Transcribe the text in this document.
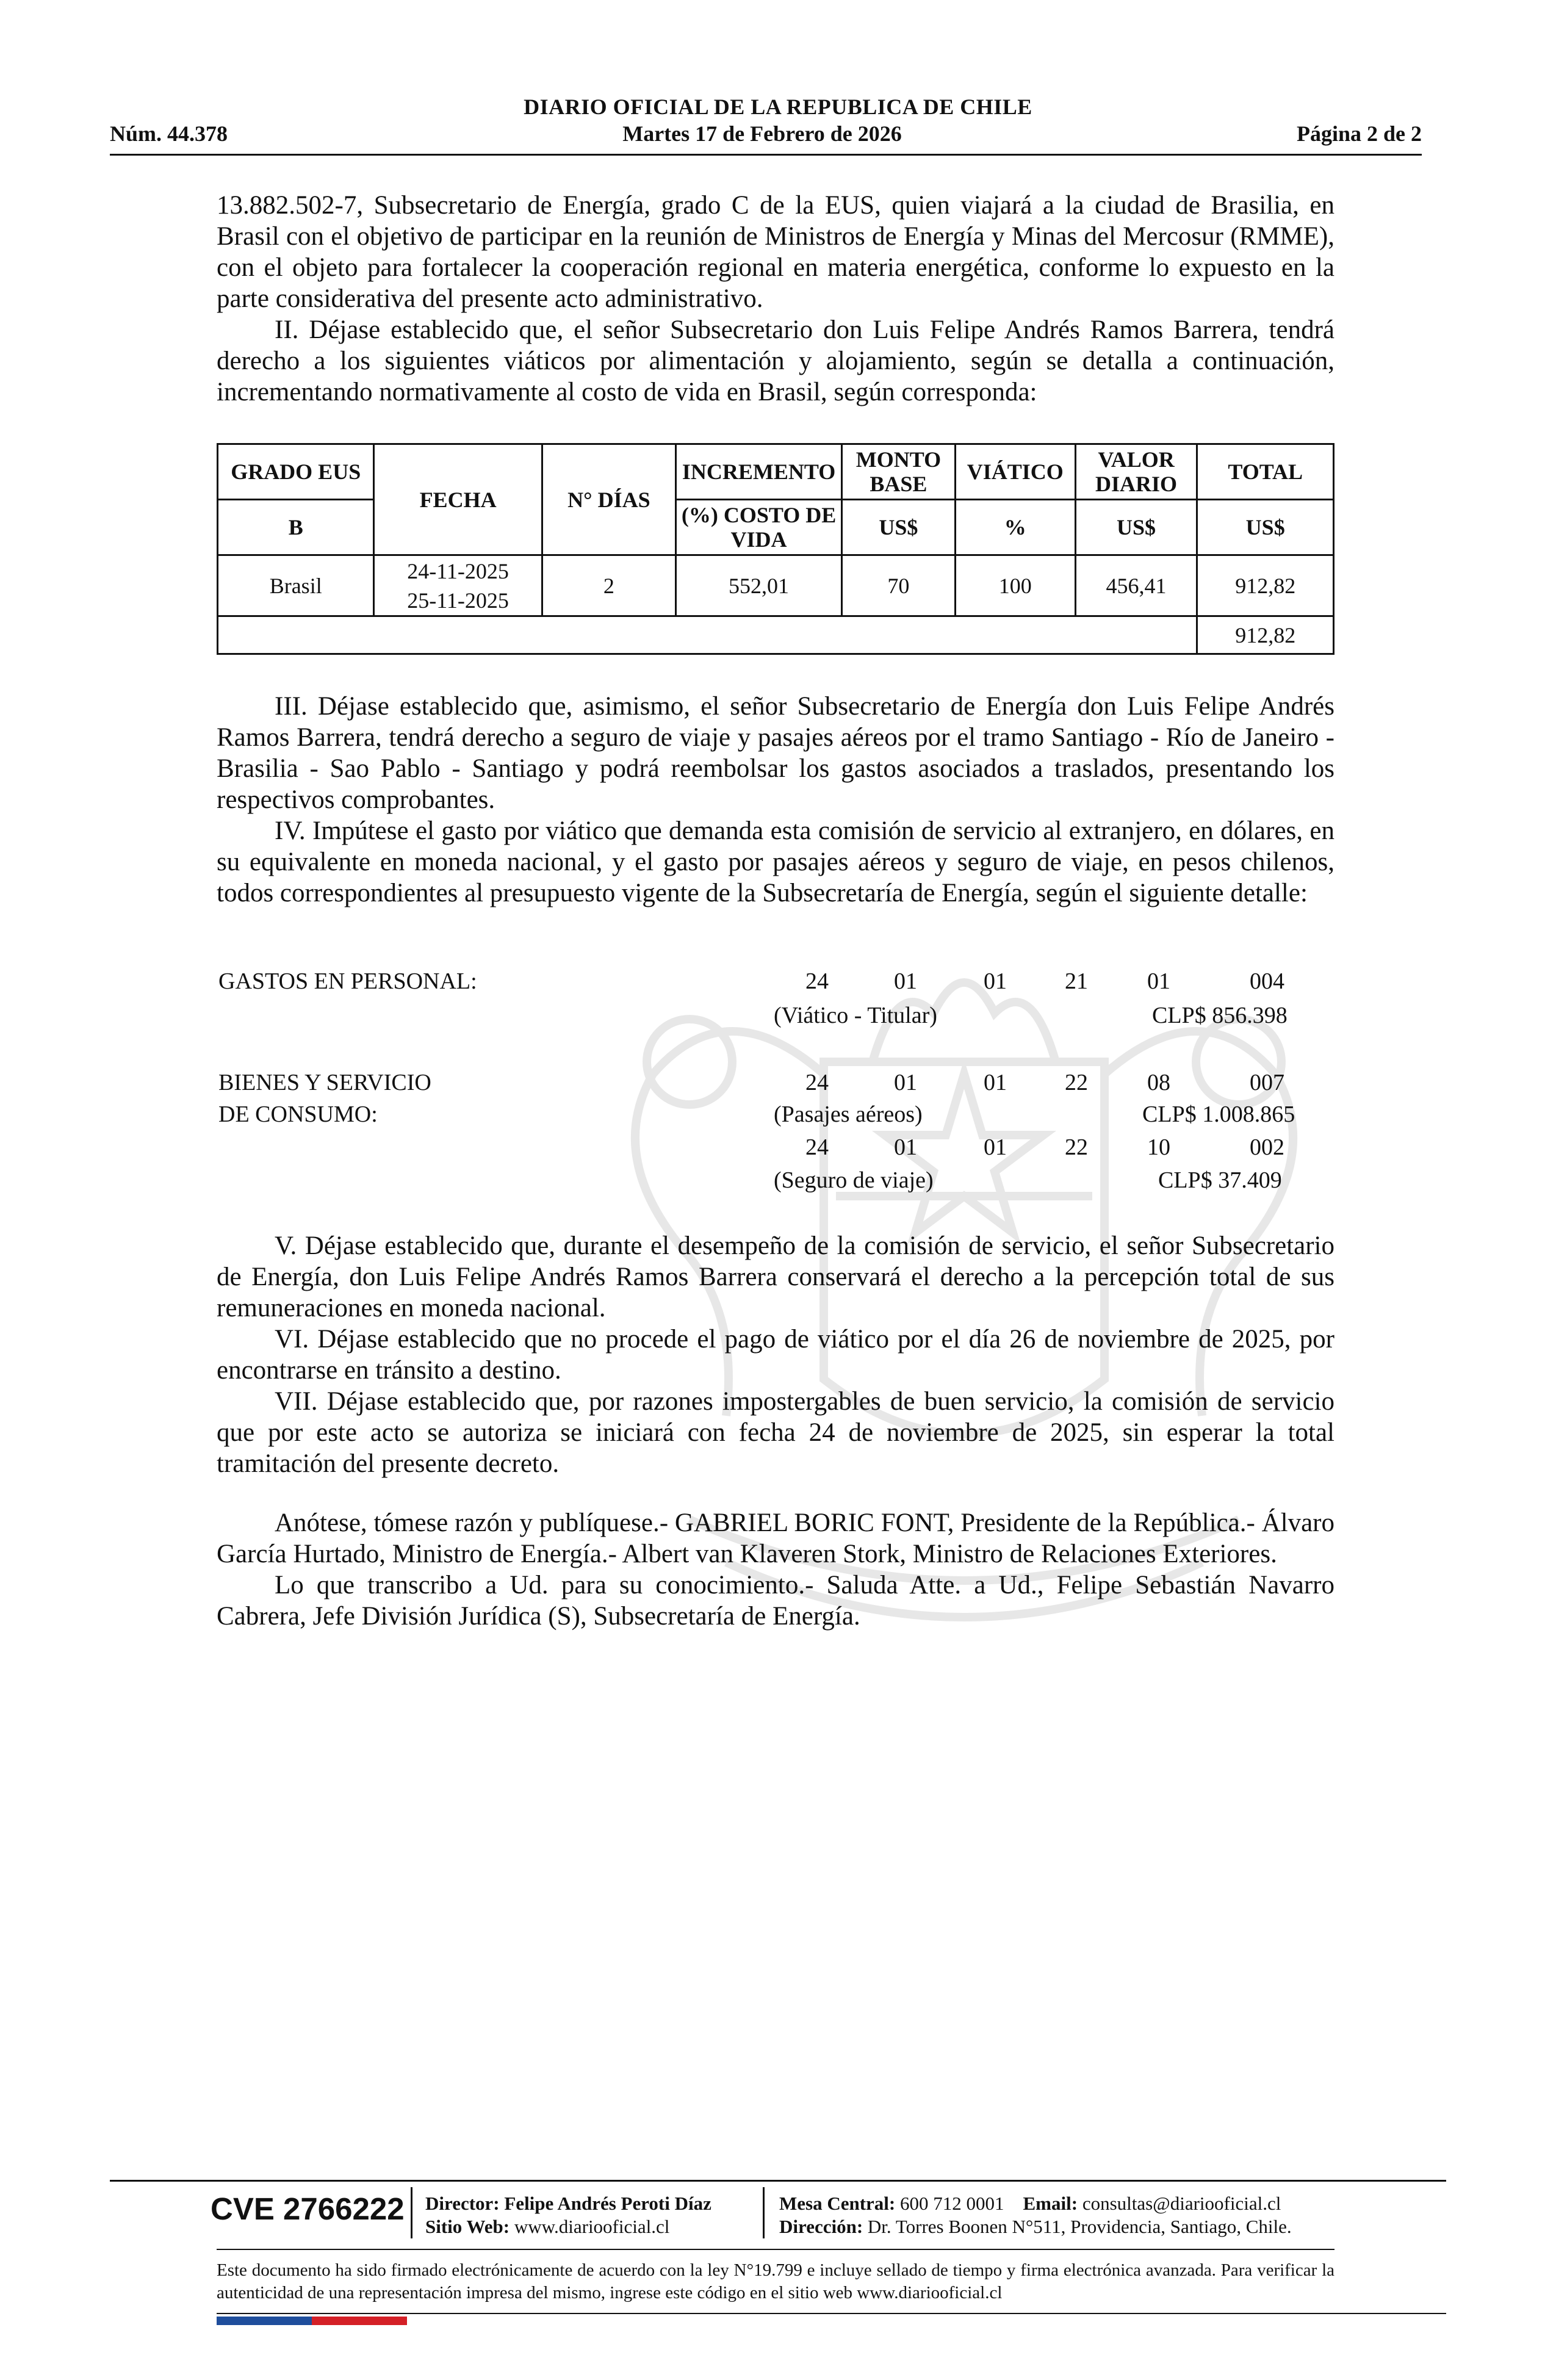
DIARIO OFICIAL DE LA REPUBLICA DE CHILE
Núm. 44.378	Martes 17 de Febrero de 2026	Página 2 de 2

13.882.502-7, Subsecretario de Energía, grado C de la EUS, quien viajará a la ciudad de Brasilia, en Brasil con el objetivo de participar en la reunión de Ministros de Energía y Minas del Mercosur (RMME), con el objeto para fortalecer la cooperación regional en materia energética, conforme lo expuesto en la parte considerativa del presente acto administrativo.

II. Déjase establecido que, el señor Subsecretario don Luis Felipe Andrés Ramos Barrera, tendrá derecho a los siguientes viáticos por alimentación y alojamiento, según se detalla a continuación, incrementando normativamente al costo de vida en Brasil, según corresponda:

GRADO EUS	FECHA	N° DÍAS	INCREMENTO	MONTO BASE	VIÁTICO	VALOR DIARIO	TOTAL
B			(%) COSTO DE VIDA	US$	%	US$	US$
Brasil	24-11-2025
25-11-2025	2	552,01	70	100	456,41	912,82
							912,82

III. Déjase establecido que, asimismo, el señor Subsecretario de Energía don Luis Felipe Andrés Ramos Barrera, tendrá derecho a seguro de viaje y pasajes aéreos por el tramo Santiago - Río de Janeiro - Brasilia - Sao Pablo - Santiago y podrá reembolsar los gastos asociados a traslados, presentando los respectivos comprobantes.

IV. Impútese el gasto por viático que demanda esta comisión de servicio al extranjero, en dólares, en su equivalente en moneda nacional, y el gasto por pasajes aéreos y seguro de viaje, en pesos chilenos, todos correspondientes al presupuesto vigente de la Subsecretaría de Energía, según el siguiente detalle:

GASTOS EN PERSONAL:	24	01	01	21	01	004
(Viático - Titular)	CLP$ 856.398
BIENES Y SERVICIO
DE CONSUMO:
24	01	01	22	08	007
(Pasajes aéreos)	CLP$ 1.008.865
24	01	01	22	10	002
(Seguro de viaje)	CLP$ 37.409

V. Déjase establecido que, durante el desempeño de la comisión de servicio, el señor Subsecretario de Energía, don Luis Felipe Andrés Ramos Barrera conservará el derecho a la percepción total de sus remuneraciones en moneda nacional.

VI. Déjase establecido que no procede el pago de viático por el día 26 de noviembre de 2025, por encontrarse en tránsito a destino.

VII. Déjase establecido que, por razones impostergables de buen servicio, la comisión de servicio que por este acto se autoriza se iniciará con fecha 24 de noviembre de 2025, sin esperar la total tramitación del presente decreto.

Anótese, tómese razón y publíquese.- GABRIEL BORIC FONT, Presidente de la República.- Álvaro García Hurtado, Ministro de Energía.- Albert van Klaveren Stork, Ministro de Relaciones Exteriores.

Lo que transcribo a Ud. para su conocimiento.- Saluda Atte. a Ud., Felipe Sebastián Navarro Cabrera, Jefe División Jurídica (S), Subsecretaría de Energía.

CVE 2766222 Director: Felipe Andrés Peroti Díaz
Sitio Web: www.diariooficial.cl
Mesa Central: 600 712 0001 Email: consultas@diariooficial.cl
Dirección: Dr. Torres Boonen N°511, Providencia, Santiago, Chile.
Este documento ha sido firmado electrónicamente de acuerdo con la ley N°19.799 e incluye sellado de tiempo y firma electrónica avanzada. Para verificar la autenticidad de una representación impresa del mismo, ingrese este código en el sitio web www.diariooficial.cl
